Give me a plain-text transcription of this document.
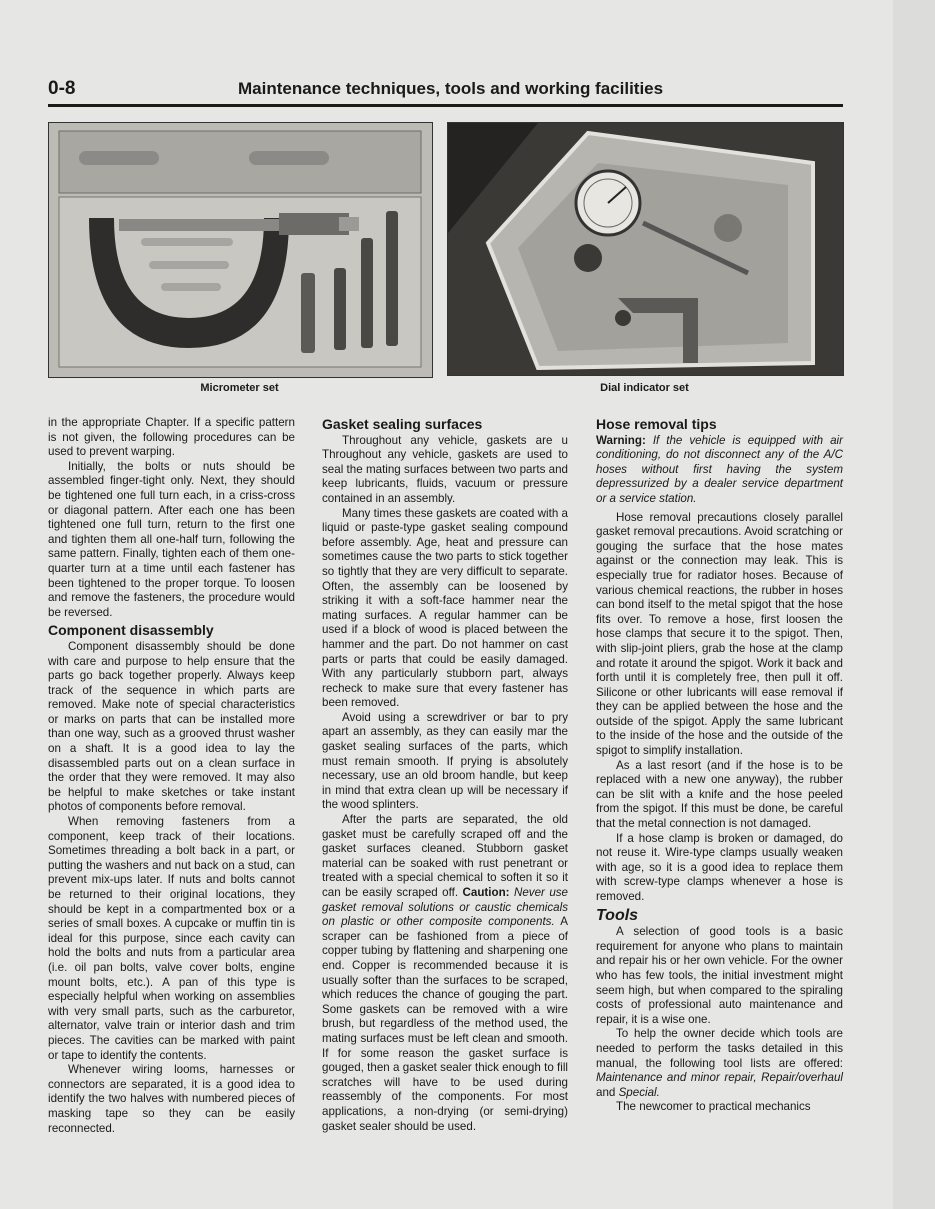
0-8	Maintenance techniques, tools and working facilities
Micrometer set	Dial indicator set

in the appropriate Chapter. If a specific pattern is not given, the following procedures can be used to prevent warping.

Initially, the bolts or nuts should be assembled finger-tight only. Next, they should be tightened one full turn each, in a criss-cross or diagonal pattern. After each one has been tightened one full turn, return to the first one and tighten them all one-half turn, following the same pattern. Finally, tighten each of them one-quarter turn at a time until each fastener has been tightened to the proper torque. To loosen and remove the fasteners, the procedure would be reversed.

Component disassembly

Component disassembly should be done with care and purpose to help ensure that the parts go back together properly. Always keep track of the sequence in which parts are removed. Make note of special characteristics or marks on parts that can be installed more than one way, such as a grooved thrust washer on a shaft. It is a good idea to lay the disassembled parts out on a clean surface in the order that they were removed. It may also be helpful to make sketches or take instant photos of components before removal.

When removing fasteners from a component, keep track of their locations. Sometimes threading a bolt back in a part, or putting the washers and nut back on a stud, can prevent mix-ups later. If nuts and bolts cannot be returned to their original locations, they should be kept in a compartmented box or a series of small boxes. A cupcake or muffin tin is ideal for this purpose, since each cavity can hold the bolts and nuts from a particular area (i.e. oil pan bolts, valve cover bolts, engine mount bolts, etc.). A pan of this type is especially helpful when working on assemblies with very small parts, such as the carburetor, alternator, valve train or interior dash and trim pieces. The cavities can be marked with paint or tape to identify the contents.

Whenever wiring looms, harnesses or connectors are separated, it is a good idea to identify the two halves with numbered pieces of masking tape so they can be easily reconnected.

Gasket sealing surfaces

Throughout any vehicle, gaskets are u Throughout any vehicle, gaskets are used to seal the mating surfaces between two parts and keep lubricants, fluids, vacuum or pressure contained in an assembly.

Many times these gaskets are coated with a liquid or paste-type gasket sealing compound before assembly. Age, heat and pressure can sometimes cause the two parts to stick together so tightly that they are very difficult to separate. Often, the assembly can be loosened by striking it with a soft-face hammer near the mating surfaces. A regular hammer can be used if a block of wood is placed between the hammer and the part. Do not hammer on cast parts or parts that could be easily damaged. With any particularly stubborn part, always recheck to make sure that every fastener has been removed.

Avoid using a screwdriver or bar to pry apart an assembly, as they can easily mar the gasket sealing surfaces of the parts, which must remain smooth. If prying is absolutely necessary, use an old broom handle, but keep in mind that extra clean up will be necessary if the wood splinters.

After the parts are separated, the old gasket must be carefully scraped off and the gasket surfaces cleaned. Stubborn gasket material can be soaked with rust penetrant or treated with a special chemical to soften it so it can be easily scraped off. Caution: Never use gasket removal solutions or caustic chemicals on plastic or other composite components. A scraper can be fashioned from a piece of copper tubing by flattening and sharpening one end. Copper is recommended because it is usually softer than the surfaces to be scraped, which reduces the chance of gouging the part. Some gaskets can be removed with a wire brush, but regardless of the method used, the mating surfaces must be left clean and smooth. If for some reason the gasket surface is gouged, then a gasket sealer thick enough to fill scratches will have to be used during reassembly of the components. For most applications, a non-drying (or semi-drying) gasket sealer should be used.

Hose removal tips

Warning: If the vehicle is equipped with air conditioning, do not disconnect any of the A/C hoses without first having the system depressurized by a dealer service department or a service station.

Hose removal precautions closely parallel gasket removal precautions. Avoid scratching or gouging the surface that the hose mates against or the connection may leak. This is especially true for radiator hoses. Because of various chemical reactions, the rubber in hoses can bond itself to the metal spigot that the hose fits over. To remove a hose, first loosen the hose clamps that secure it to the spigot. Then, with slip-joint pliers, grab the hose at the clamp and rotate it around the spigot. Work it back and forth until it is completely free, then pull it off. Silicone or other lubricants will ease removal if they can be applied between the hose and the outside of the spigot. Apply the same lubricant to the inside of the hose and the outside of the spigot to simplify installation.

As a last resort (and if the hose is to be replaced with a new one anyway), the rubber can be slit with a knife and the hose peeled from the spigot. If this must be done, be careful that the metal connection is not damaged.

If a hose clamp is broken or damaged, do not reuse it. Wire-type clamps usually weaken with age, so it is a good idea to replace them with screw-type clamps whenever a hose is removed.

Tools

A selection of good tools is a basic requirement for anyone who plans to maintain and repair his or her own vehicle. For the owner who has few tools, the initial investment might seem high, but when compared to the spiraling costs of professional auto maintenance and repair, it is a wise one.

To help the owner decide which tools are needed to perform the tasks detailed in this manual, the following tool lists are offered: Maintenance and minor repair, Repair/overhaul and Special.

The newcomer to practical mechanics
